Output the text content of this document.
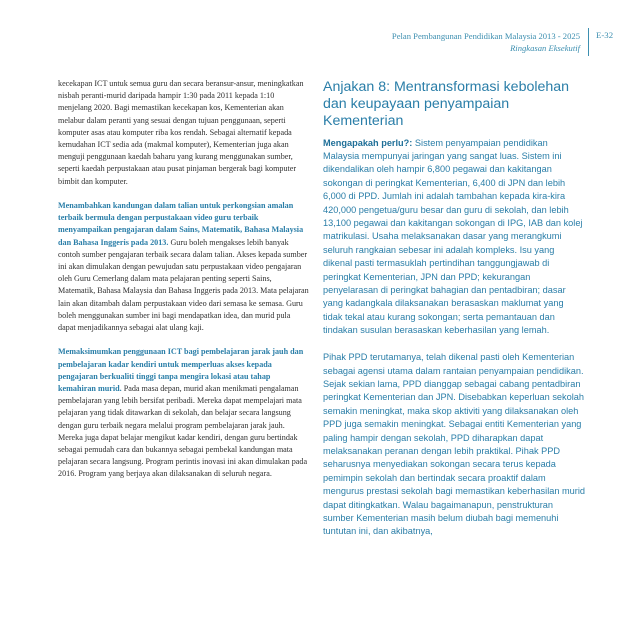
Pelan Pembangunan Pendidikan Malaysia 2013 - 2025
Ringkasan Eksekutif
E-32

kecekapan ICT untuk semua guru dan secara beransur-ansur, meningkatkan nisbah peranti-murid daripada hampir 1:30 pada 2011 kepada 1:10 menjelang 2020. Bagi memastikan kecekapan kos, Kementerian akan melabur dalam peranti yang sesuai dengan tujuan penggunaan, seperti komputer asas atau komputer riba kos rendah. Sebagai alternatif kepada kemudahan ICT sedia ada (makmal komputer), Kementerian juga akan menguji penggunaan kaedah baharu yang kurang menggunakan sumber, seperti kaedah perpustakaan atau pusat pinjaman bergerak bagi komputer bimbit dan komputer.

Menambahkan kandungan dalam talian untuk perkongsian amalan terbaik bermula dengan perpustakaan video guru terbaik menyampaikan pengajaran dalam Sains, Matematik, Bahasa Malaysia dan Bahasa Inggeris pada 2013. Guru boleh mengakses lebih banyak contoh sumber pengajaran terbaik secara dalam talian. Akses kepada sumber ini akan dimulakan dengan pewujudan satu perpustakaan video pengajaran oleh Guru Cemerlang dalam mata pelajaran penting seperti Sains, Matematik, Bahasa Malaysia dan Bahasa Inggeris pada 2013. Mata pelajaran lain akan ditambah dalam perpustakaan video dari semasa ke semasa. Guru boleh menggunakan sumber ini bagi mendapatkan idea, dan murid pula dapat menjadikannya sebagai alat ulang kaji.

Memaksimumkan penggunaan ICT bagi pembelajaran jarak jauh dan pembelajaran kadar kendiri untuk memperluas akses kepada pengajaran berkualiti tinggi tanpa mengira lokasi atau tahap kemahiran murid. Pada masa depan, murid akan menikmati pengalaman pembelajaran yang lebih bersifat peribadi. Mereka dapat mempelajari mata pelajaran yang tidak ditawarkan di sekolah, dan belajar secara langsung dengan guru terbaik negara melalui program pembelajaran jarak jauh. Mereka juga dapat belajar mengikut kadar kendiri, dengan guru bertindak sebagai pemudah cara dan bukannya sebagai pembekal kandungan mata pelajaran secara langsung. Program perintis inovasi ini akan dimulakan pada 2016. Program yang berjaya akan dilaksanakan di seluruh negara.

Anjakan 8: Mentransformasi kebolehan dan keupayaan penyampaian Kementerian

Mengapakah perlu?: Sistem penyampaian pendidikan Malaysia mempunyai jaringan yang sangat luas. Sistem ini dikendalikan oleh hampir 6,800 pegawai dan kakitangan sokongan di peringkat Kementerian, 6,400 di JPN dan lebih 6,000 di PPD. Jumlah ini adalah tambahan kepada kira-kira 420,000 pengetua/guru besar dan guru di sekolah, dan lebih 13,100 pegawai dan kakitangan sokongan di IPG, IAB dan kolej matrikulasi. Usaha melaksanakan dasar yang merangkumi seluruh rangkaian sebesar ini adalah kompleks. Isu yang dikenal pasti termasuklah pertindihan tanggungjawab di peringkat Kementerian, JPN dan PPD; kekurangan penyelarasan di peringkat bahagian dan pentadbiran; dasar yang kadangkala dilaksanakan berasaskan maklumat yang tidak tekal atau kurang sokongan; serta pemantauan dan tindakan susulan berasaskan keberhasilan yang lemah.

Pihak PPD terutamanya, telah dikenal pasti oleh Kementerian sebagai agensi utama dalam rantaian penyampaian pendidikan. Sejak sekian lama, PPD dianggap sebagai cabang pentadbiran peringkat Kementerian dan JPN. Disebabkan keperluan sekolah semakin meningkat, maka skop aktiviti yang dilaksanakan oleh PPD juga semakin meningkat. Sebagai entiti Kementerian yang paling hampir dengan sekolah, PPD diharapkan dapat melaksanakan peranan dengan lebih praktikal. Pihak PPD seharusnya menyediakan sokongan secara terus kepada pemimpin sekolah dan bertindak secara proaktif dalam mengurus prestasi sekolah bagi memastikan keberhasilan murid dapat ditingkatkan. Walau bagaimanapun, penstrukturan sumber Kementerian masih belum diubah bagi memenuhi tuntutan ini, dan akibatnya,
